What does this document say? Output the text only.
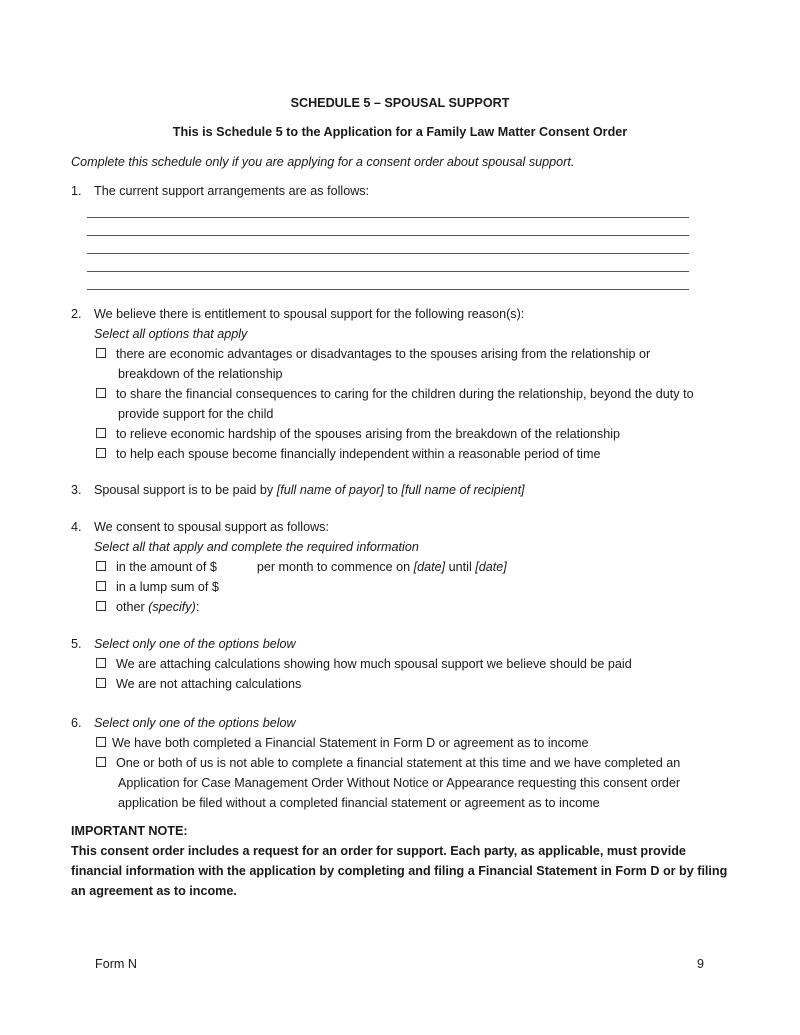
SCHEDULE 5 – SPOUSAL SUPPORT
This is Schedule 5 to the Application for a Family Law Matter Consent Order
Complete this schedule only if you are applying for a consent order about spousal support.
1. The current support arrangements are as follows:
2. We believe there is entitlement to spousal support for the following reason(s):
Select all options that apply
there are economic advantages or disadvantages to the spouses arising from the relationship or
breakdown of the relationship
to share the financial consequences to caring for the children during the relationship, beyond the duty to
provide support for the child
to relieve economic hardship of the spouses arising from the breakdown of the relationship
to help each spouse become financially independent within a reasonable period of time
3. Spousal support is to be paid by [full name of payor] to [full name of recipient]
4. We consent to spousal support as follows:
Select all that apply and complete the required information
in the amount of $	per month to commence on [date] until [date]
in a lump sum of $
other (specify):
5. Select only one of the options below
We are attaching calculations showing how much spousal support we believe should be paid
We are not attaching calculations
6. Select only one of the options below
We have both completed a Financial Statement in Form D or agreement as to income
One or both of us is not able to complete a financial statement at this time and we have completed an
Application for Case Management Order Without Notice or Appearance requesting this consent order
application be filed without a completed financial statement or agreement as to income
IMPORTANT NOTE:
This consent order includes a request for an order for support. Each party, as applicable, must provide
financial information with the application by completing and filing a Financial Statement in Form D or by filing
an agreement as to income.
Form N	9
